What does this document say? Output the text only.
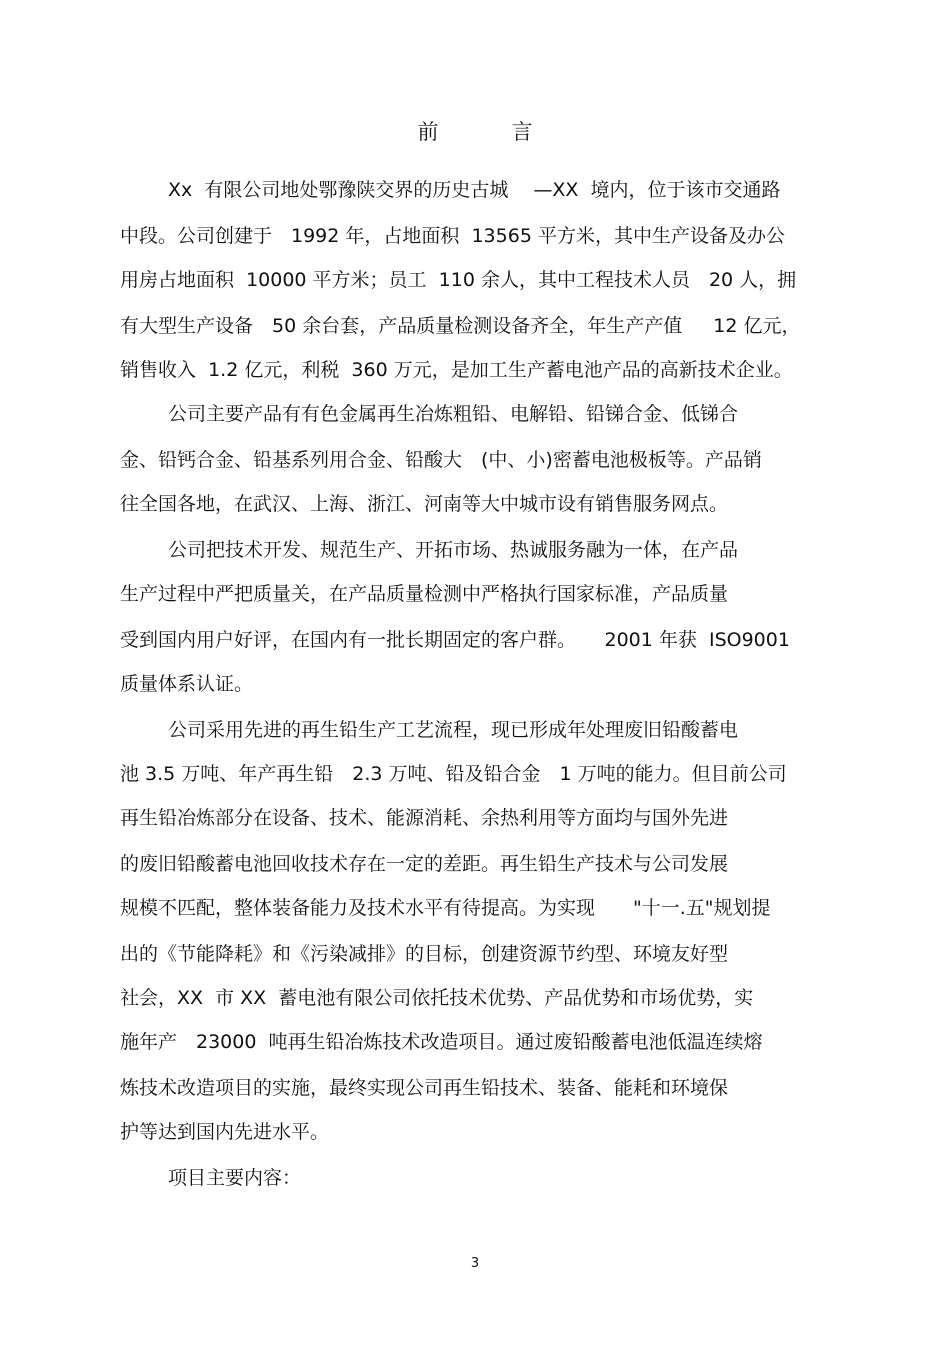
前　言
Xx  有限公司地处鄂豫陕交界的历史古城　 —XX  境内，位于该市交通路
中段。公司创建于　1992 年，占地面积  13565 平方米，其中生产设备及办公
用房占地面积  10000 平方米；员工  110 余人，其中工程技术人员　20 人，拥
有大型生产设备　50 余台套，产品质量检测设备齐全，年生产产值　  12 亿元，
销售收入  1.2 亿元，利税  360 万元，是加工生产蓄电池产品的高新技术企业。
公司主要产品有有色金属再生冶炼粗铅、电解铅、铅锑合金、低锑合
金、铅钙合金、铅基系列用合金、铅酸大　(中、小)密蓄电池极板等。产品销
往全国各地，在武汉、上海、浙江、河南等大中城市设有销售服务网点。
公司把技术开发、规范生产、开拓市场、热诚服务融为一体，在产品
生产过程中严把质量关，在产品质量检测中严格执行国家标准，产品质量
受到国内用户好评，在国内有一批长期固定的客户群。　　2001 年获  ISO9001
质量体系认证。
公司采用先进的再生铅生产工艺流程，现已形成年处理废旧铅酸蓄电
池 3.5 万吨、年产再生铅　2.3 万吨、铅及铅合金　1 万吨的能力。但目前公司
再生铅冶炼部分在设备、技术、能源消耗、余热利用等方面均与国外先进
的废旧铅酸蓄电池回收技术存在一定的差距。再生铅生产技术与公司发展
规模不匹配，整体装备能力及技术水平有待提高。为实现　　"十一.五"规划提
出的《节能降耗》和《污染减排》的目标，创建资源节约型、环境友好型
社会，XX  市 XX  蓄电池有限公司依托技术优势、产品优势和市场优势，实
施年产　23000  吨再生铅冶炼技术改造项目。通过废铅酸蓄电池低温连续熔
炼技术改造项目的实施，最终实现公司再生铅技术、装备、能耗和环境保
护等达到国内先进水平。
项目主要内容：
3
